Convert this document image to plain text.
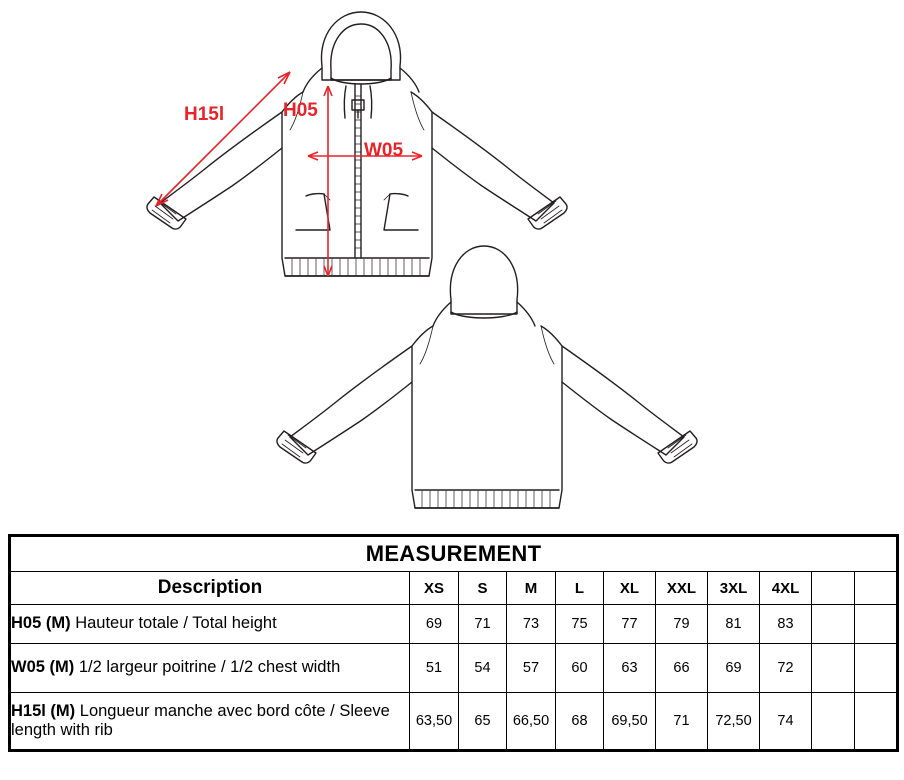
H15l	H05
W05
MEASUREMENT										
Description	XS	S	M	L	XL	XXL	3XL	4XL		
H05 (M) Hauteur totale / Total height	69	71	73	75	77	79	81	83		
W05 (M) 1/2 largeur poitrine / 1/2 chest width	51	54	57	60	63	66	69	72		
H15l (M) Longueur manche avec bord côte / Sleeve length with rib	63,50	65	66,50	68	69,50	71	72,50	74		
